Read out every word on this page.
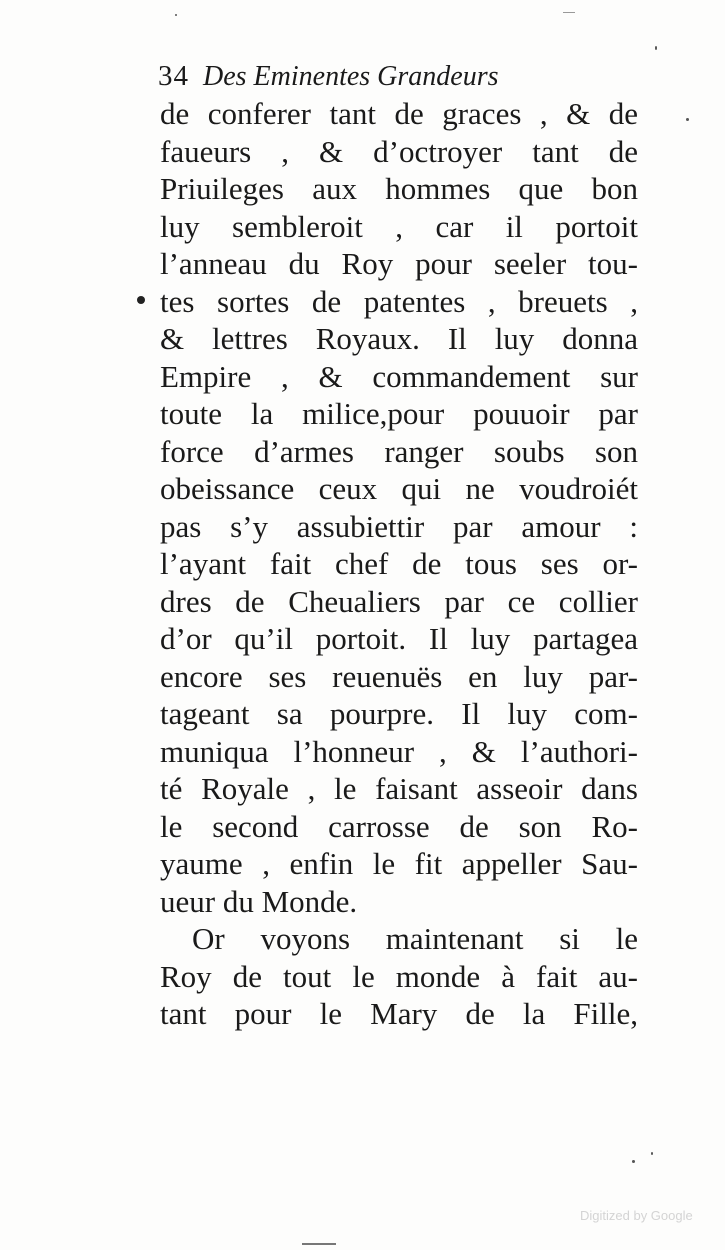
34 Des Eminentes Grandeurs
de conferer tant de graces , & de
faueurs , & d’octroyer tant de
Priuileges aux hommes que bon
luy sembleroit , car il portoit
l’anneau du Roy pour seeler tou-
tes sortes de patentes , breuets ,
& lettres Royaux. Il luy donna
Empire , & commandement sur
toute la milice,pour pouuoir par
force d’armes ranger soubs son
obeissance ceux qui ne voudroiét
pas s’y assubiettir par amour :
l’ayant fait chef de tous ses or-
dres de Cheualiers par ce collier
d’or qu’il portoit. Il luy partagea
encore ses reuenuës en luy par-
tageant sa pourpre. Il luy com-
muniqua l’honneur , & l’authori-
té Royale , le faisant asseoir dans
le second carrosse de son Ro-
yaume , enfin le fit appeller Sau-
ueur du Monde.
Or voyons maintenant si le
Roy de tout le monde à fait au-
tant pour le Mary de la Fille,
Digitized by Google
